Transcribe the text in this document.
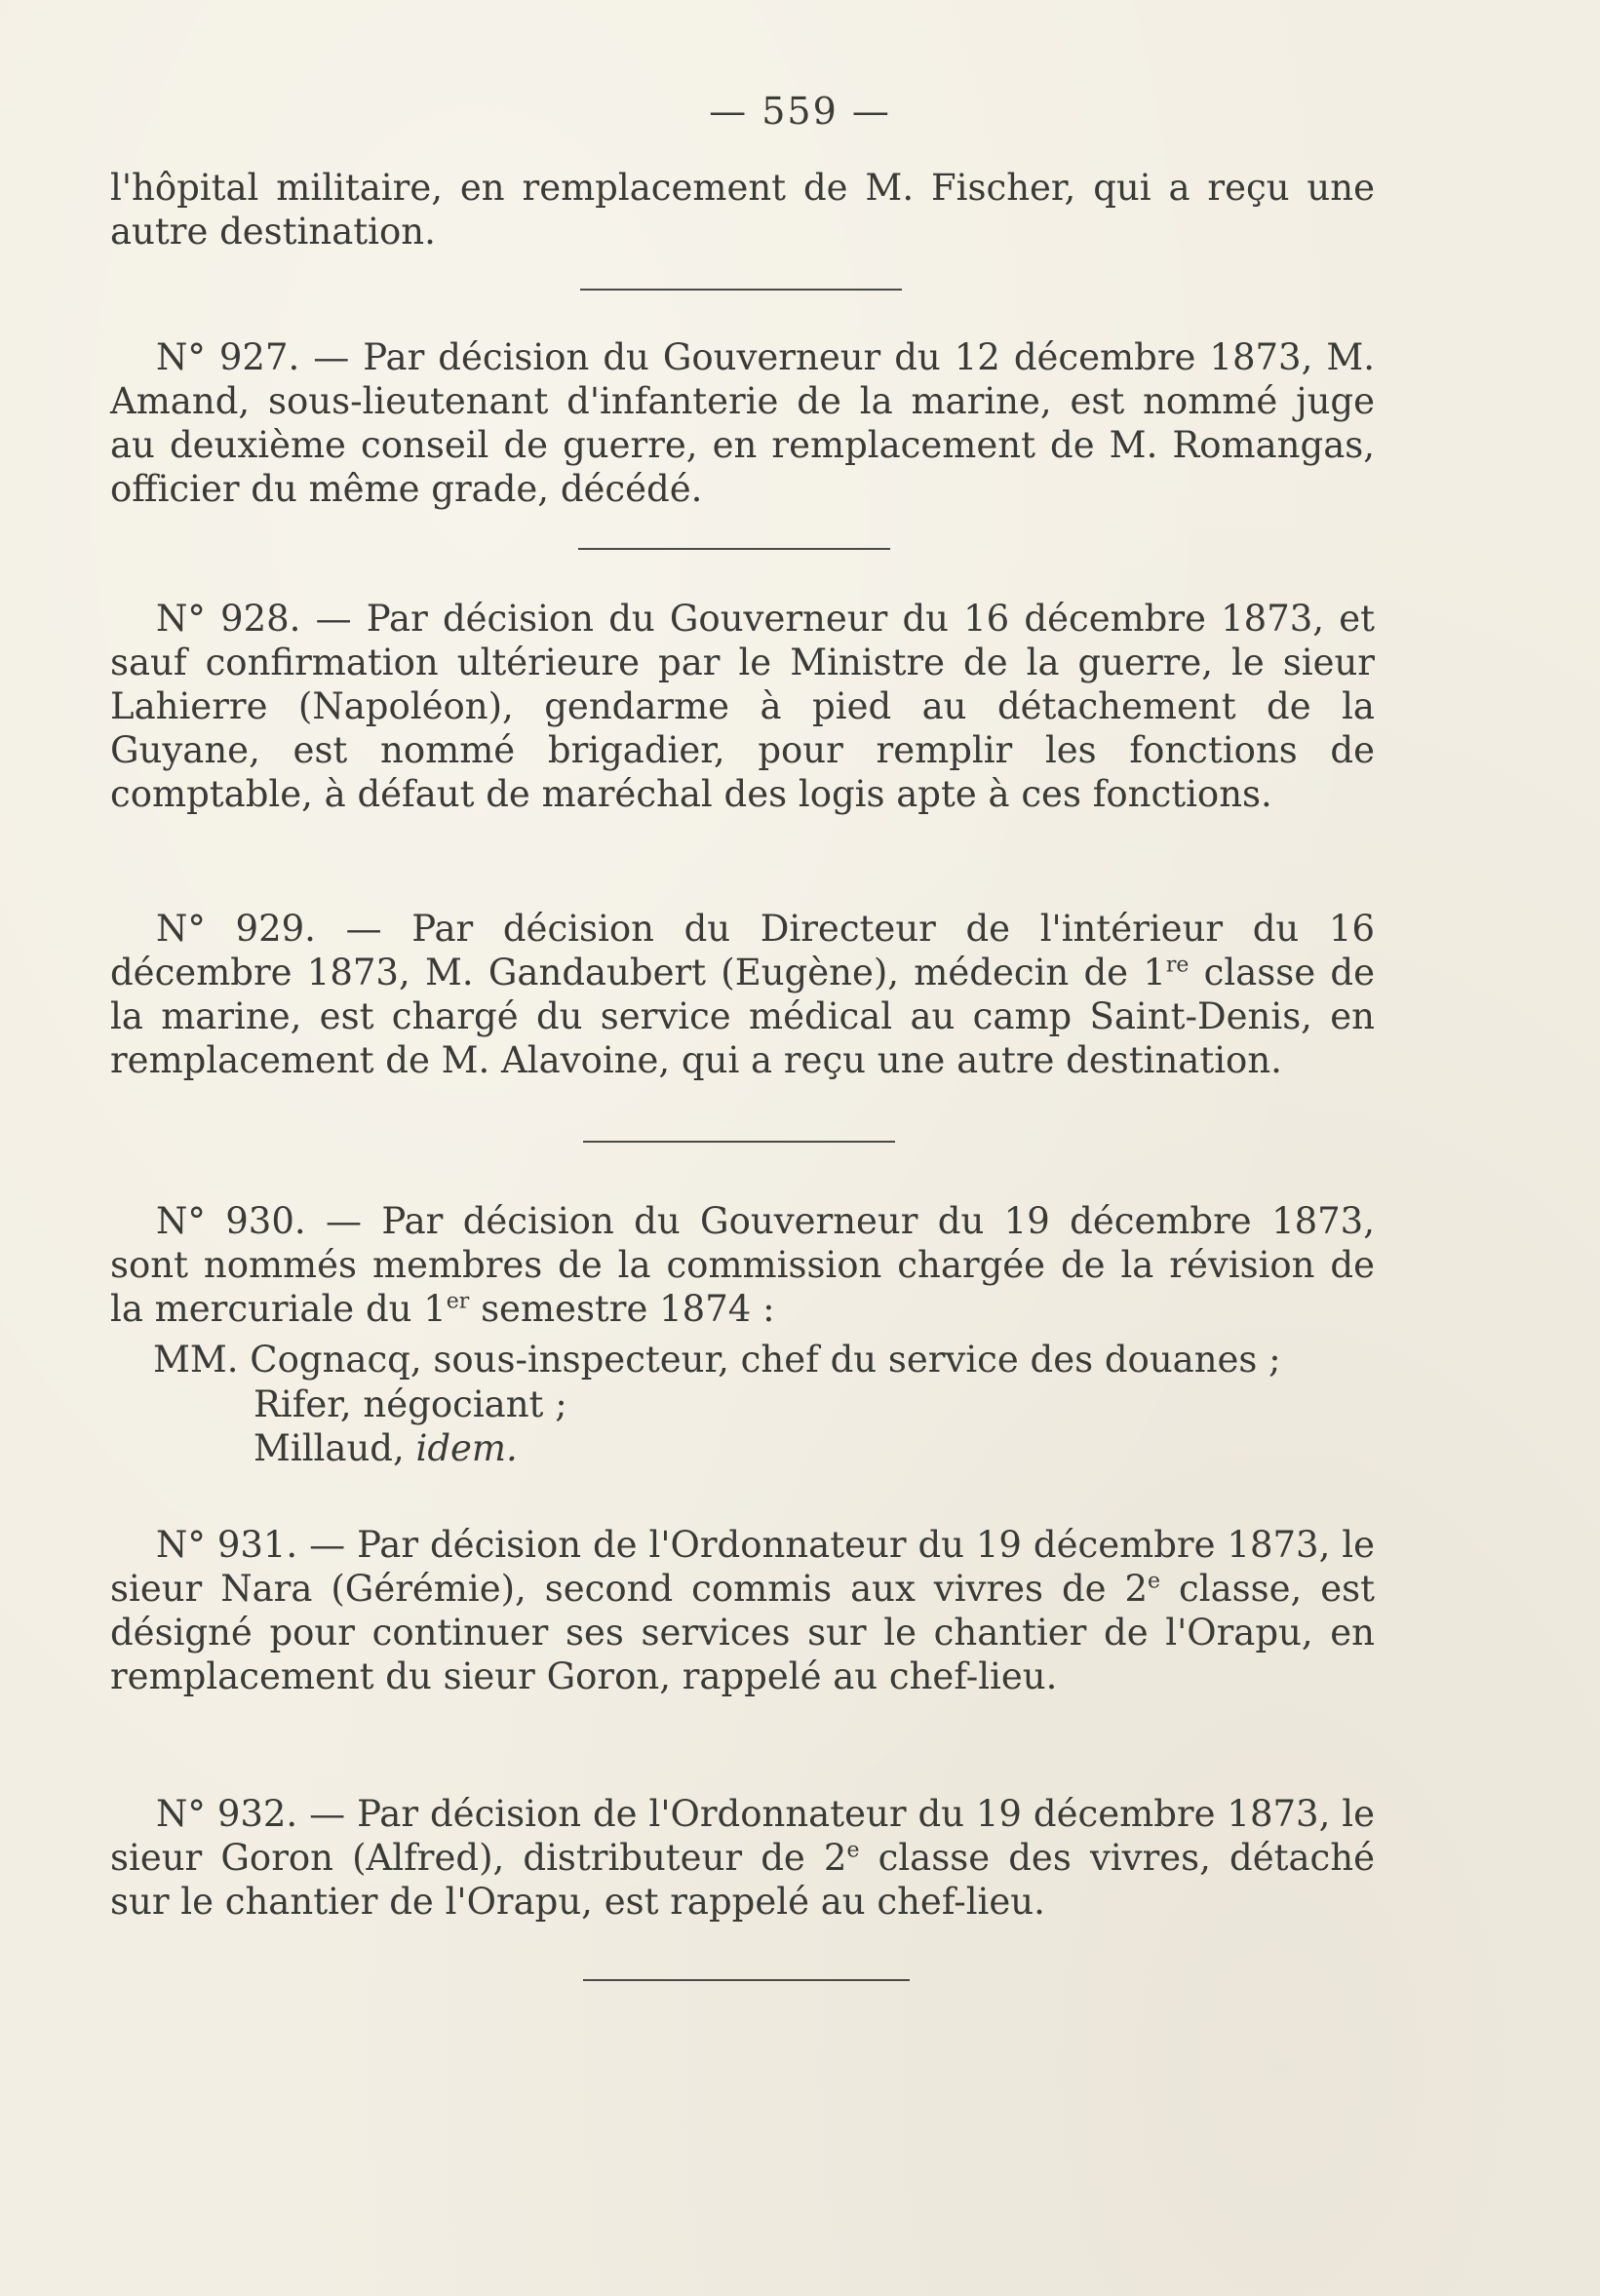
— 559 —

l'hôpital militaire, en remplacement de M. Fischer, qui a reçu une autre destination.

N° 927. — Par décision du Gouverneur du 12 décembre 1873, M. Amand, sous-lieutenant d'infanterie de la marine, est nommé juge au deuxième conseil de guerre, en remplacement de M. Romangas, officier du même grade, décédé.

N° 928. — Par décision du Gouverneur du 16 décembre 1873, et sauf confirmation ultérieure par le Ministre de la guerre, le sieur Lahierre (Napoléon), gendarme à pied au détachement de la Guyane, est nommé brigadier, pour remplir les fonctions de comptable, à défaut de maréchal des logis apte à ces fonctions.

N° 929. — Par décision du Directeur de l'intérieur du 16 décembre 1873, M. Gandaubert (Eugène), médecin de 1re classe de la marine, est chargé du service médical au camp Saint-Denis, en remplacement de M. Alavoine, qui a reçu une autre destination.

N° 930. — Par décision du Gouverneur du 19 décembre 1873, sont nommés membres de la commission chargée de la révision de la mercuriale du 1er semestre 1874 :

MM. Cognacq, sous-inspecteur, chef du service des douanes ;
Rifer, négociant ;
Millaud, idem.

N° 931. — Par décision de l'Ordonnateur du 19 décembre 1873, le sieur Nara (Gérémie), second commis aux vivres de 2e classe, est désigné pour continuer ses services sur le chantier de l'Orapu, en remplacement du sieur Goron, rappelé au chef-lieu.

N° 932. — Par décision de l'Ordonnateur du 19 décembre 1873, le sieur Goron (Alfred), distributeur de 2e classe des vivres, détaché sur le chantier de l'Orapu, est rappelé au chef-lieu.
